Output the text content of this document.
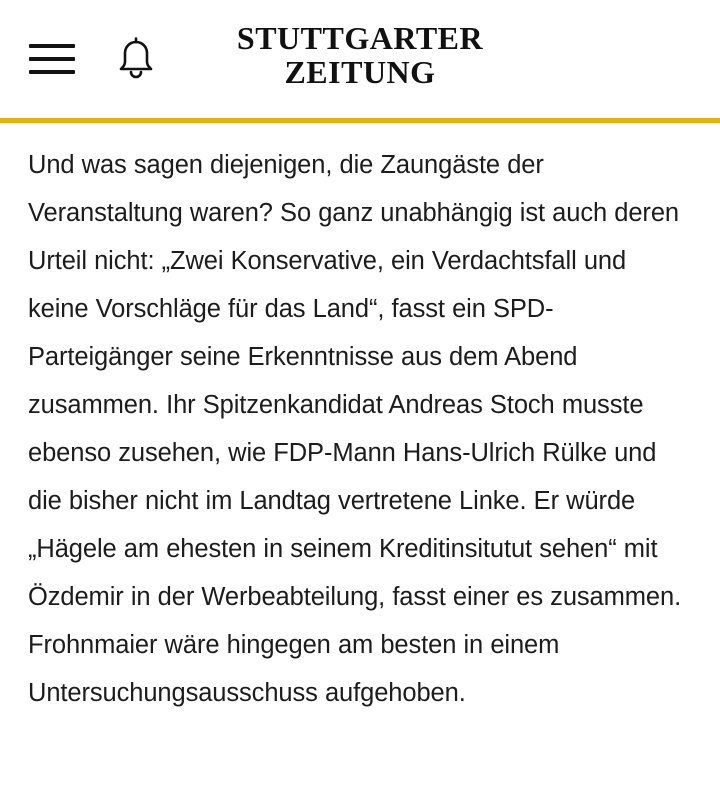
STUTTGARTER
ZEITUNG

Und was sagen diejenigen, die Zaungäste der Veranstaltung waren? So ganz unabhängig ist auch deren Urteil nicht: „Zwei Konservative, ein Verdachtsfall und keine Vorschläge für das Land“, fasst ein SPD-Parteigänger seine Erkenntnisse aus dem Abend zusammen. Ihr Spitzenkandidat Andreas Stoch musste ebenso zusehen, wie FDP-Mann Hans-Ulrich Rülke und die bisher nicht im Landtag vertretene Linke. Er würde „Hägele am ehesten in seinem Kreditinsitutut sehen“ mit Özdemir in der Werbeabteilung, fasst einer es zusammen. Frohnmaier wäre hingegen am besten in einem Untersuchungsausschuss aufgehoben.
